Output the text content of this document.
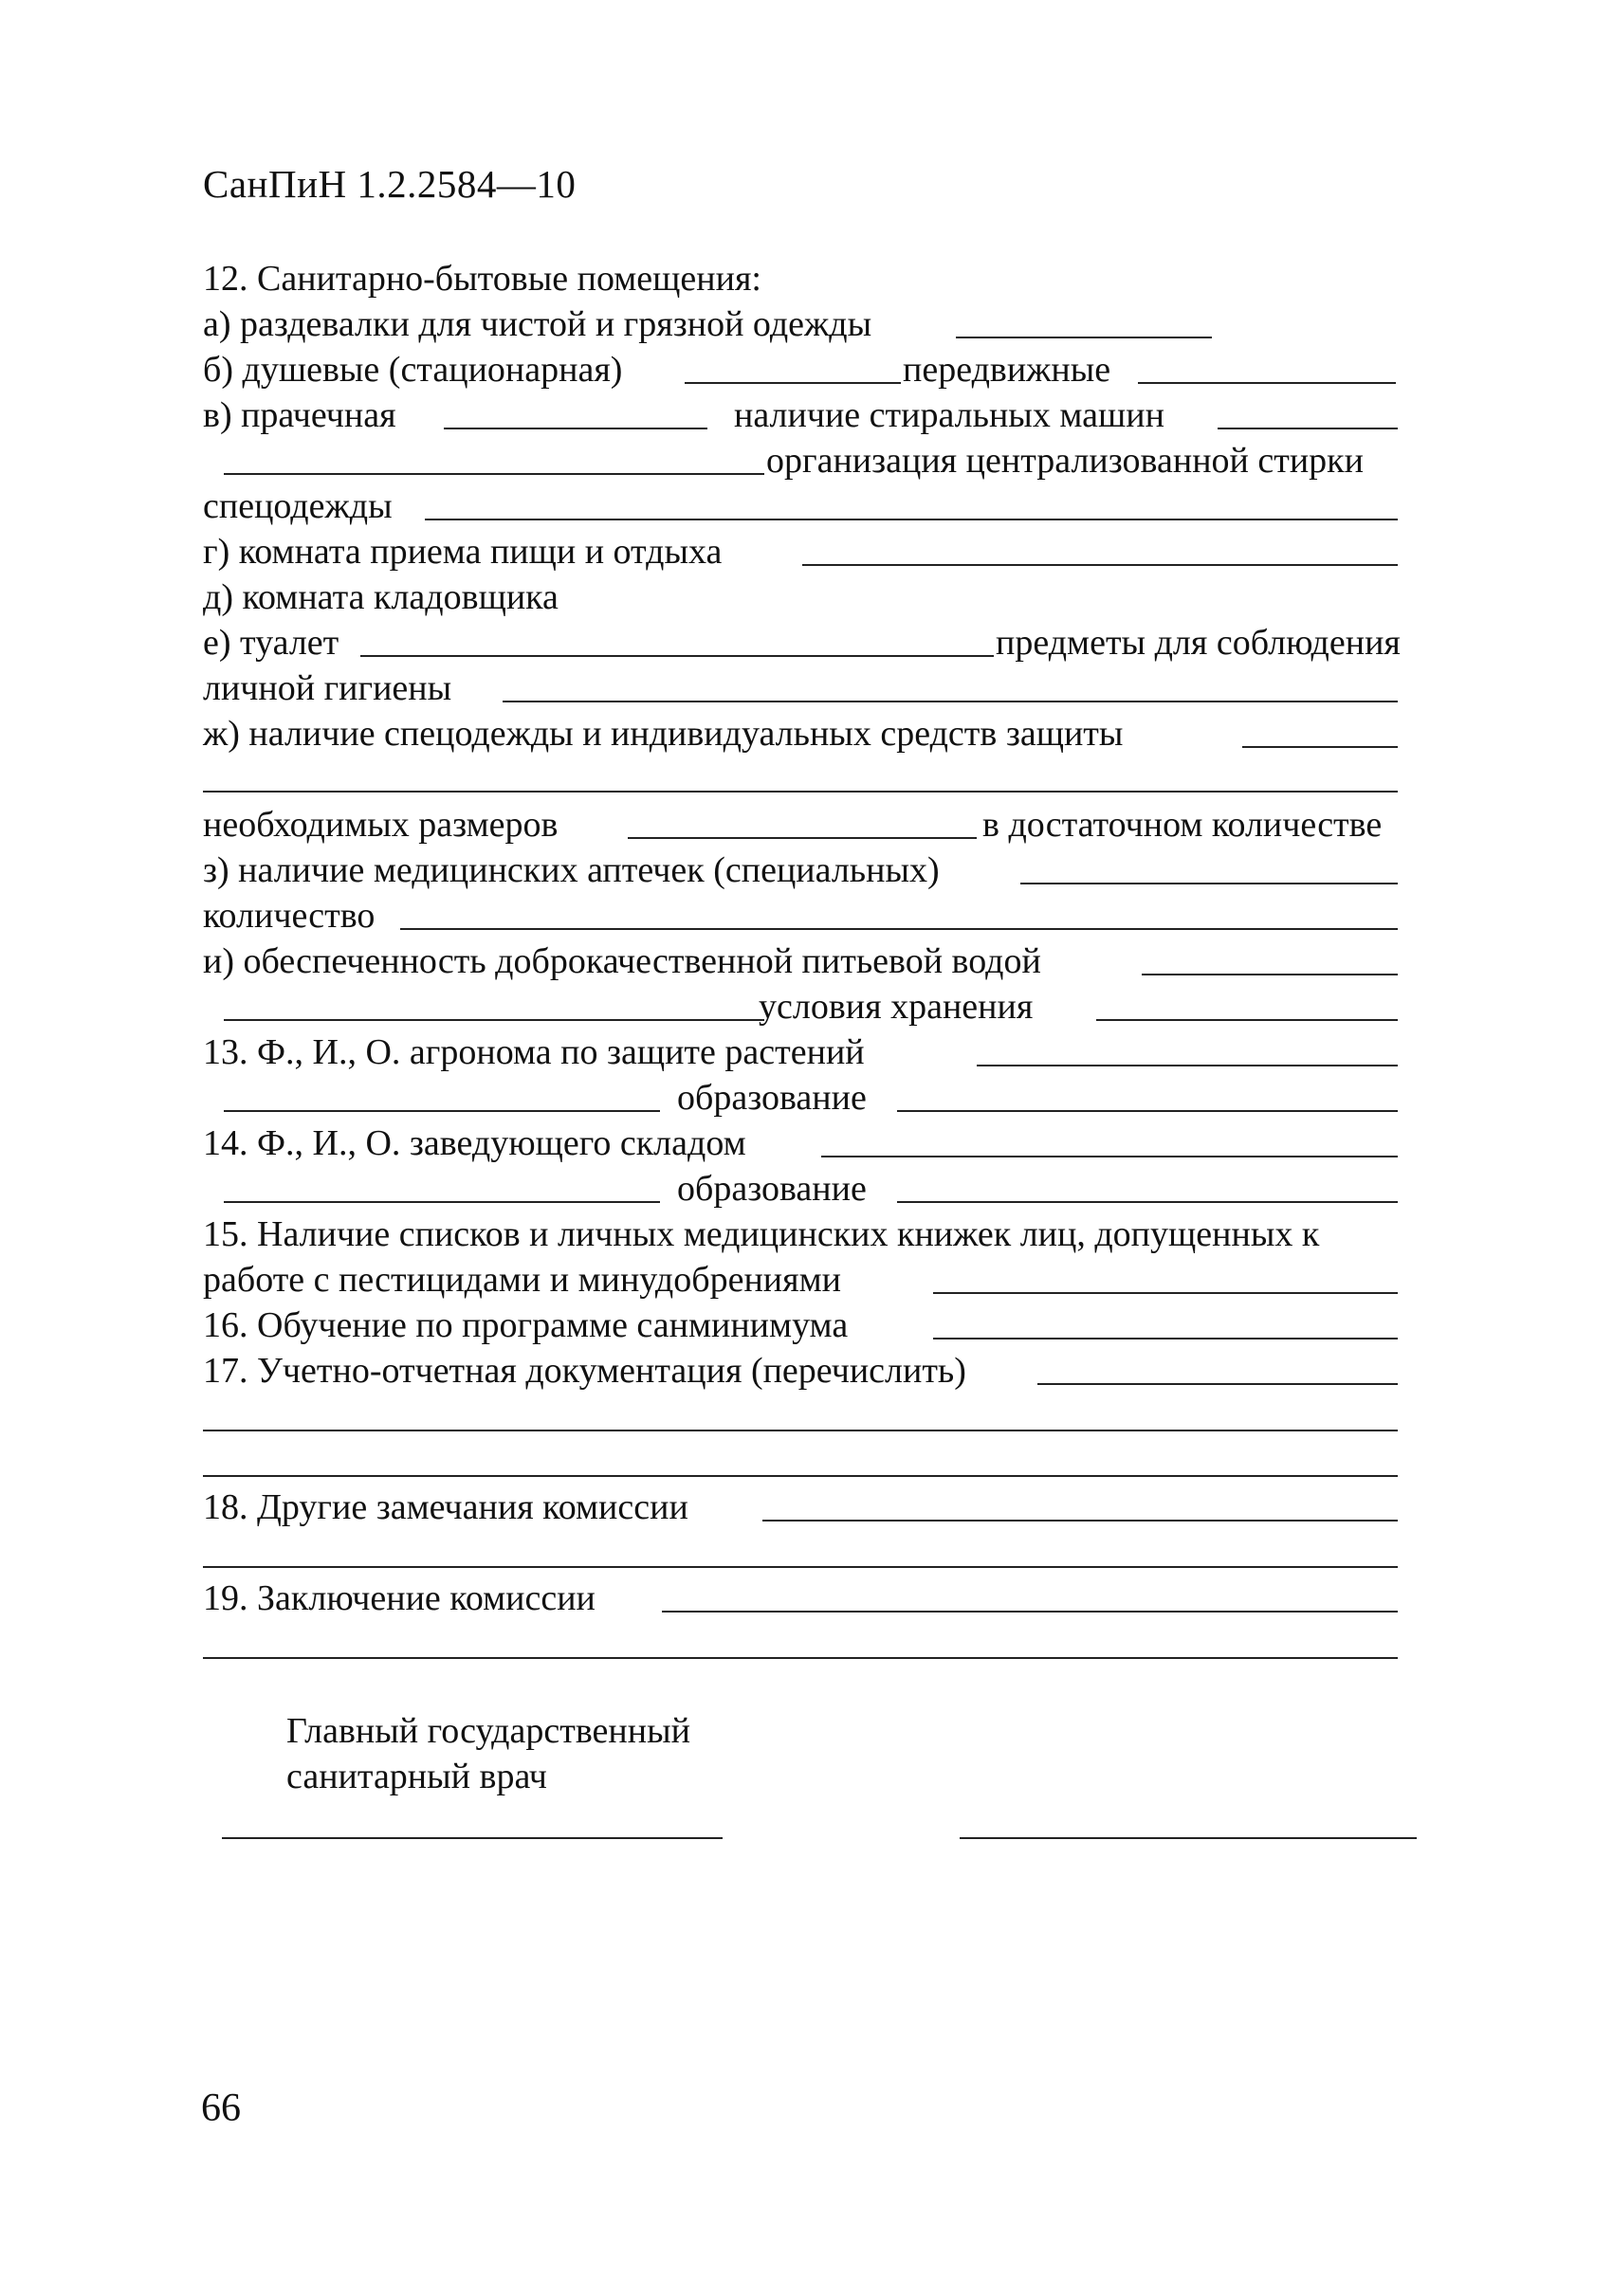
СанПиН 1.2.2584—10
12. Санитарно-бытовые помещения:
а) раздевалки для чистой и грязной одежды
б) душевые (стационарная)	передвижные
в) прачечная	наличие стиральных машин
организация централизованной стирки
спецодежды
г) комната приема пищи и отдыха
д) комната кладовщика
е) туалет	предметы для соблюдения
личной гигиены
ж) наличие спецодежды и индивидуальных средств защиты
необходимых размеров	в достаточном количестве
з) наличие медицинских аптечек (специальных)
количество
и) обеспеченность доброкачественной питьевой водой
условия хранения
13. Ф., И., О. агронома по защите растений
образование
14. Ф., И., О. заведующего складом
образование
15. Наличие списков и личных медицинских книжек лиц, допущенных к
работе с пестицидами и минудобрениями
16. Обучение по программе санминимума
17. Учетно-отчетная документация (перечислить)
18. Другие замечания комиссии
19. Заключение комиссии
Главный государственный
санитарный врач
66
